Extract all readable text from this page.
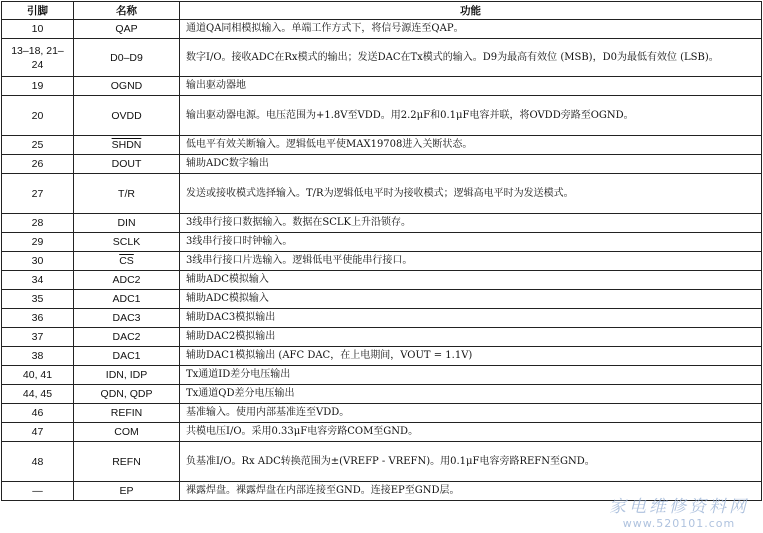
引脚	名称	功能
10	QAP	通道QA同相模拟输入。单端工作方式下，将信号源连至QAP。
13–18, 21–24	D0–D9	数字I/O。接收ADC在Rx模式的输出；发送DAC在Tx模式的输入。D9为最高有效位 (MSB)，D0为最低有效位 (LSB)。
19	OGND	输出驱动器地
20	OVDD	输出驱动器电源。电压范围为+1.8V至VDD。用2.2μF和0.1μF电容并联，将OVDD旁路至OGND。
25	SHDN	低电平有效关断输入。逻辑低电平使MAX19708进入关断状态。
26	DOUT	辅助ADC数字输出
27	T/R	发送或接收模式选择输入。T/R为逻辑低电平时为接收模式；逻辑高电平时为发送模式。
28	DIN	3线串行接口数据输入。数据在SCLK上升沿锁存。
29	SCLK	3线串行接口时钟输入。
30	$\overline{CS}$	3线串行接口片选输入。逻辑低电平使能串行接口。
34	ADC2	辅助ADC模拟输入
35	ADC1	辅助ADC模拟输入
36	DAC3	辅助DAC3模拟输出
37	DAC2	辅助DAC2模拟输出
38	DAC1	辅助DAC1模拟输出 (AFC DAC，在上电期间，VOUT = 1.1V)
40, 41	IDN, IDP	Tx通道ID差分电压输出
44, 45	QDN, QDP	Tx通道QD差分电压输出
46	REFIN	基准输入。使用内部基准连至VDD。
47	COM	共模电压I/O。采用0.33μF电容旁路COM至GND。
48	REFN	负基准I/O。Rx ADC转换范围为±(VREFP - VREFN)。用0.1μF电容旁路REFN至GND。
—	EP	裸露焊盘。裸露焊盘在内部连接至GND。连接EP至GND层。
家电维修资料网
www.520101.com
